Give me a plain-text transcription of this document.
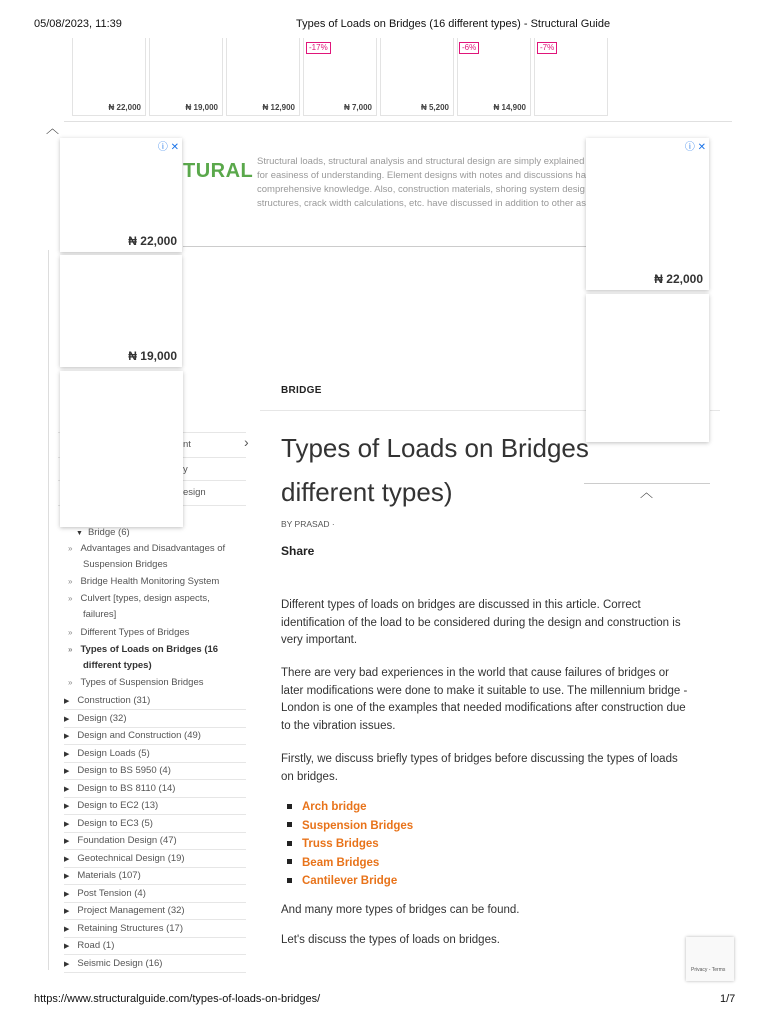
05/08/2023, 11:39	Types of Loads on Bridges (16 different types) - Structural Guide
₦ 22,000	₦ 19,000	₦ 12,900	₦ 7,000	₦ 5,200	₦ 14,900
-17%	-6%	-7%
︿
TURAL Structural loads, structural analysis and structural design are simply explained
for easiness of understanding. Element designs with notes and discussions ha
comprehensive knowledge. Also, construction materials, shoring system desig
structures, crack width calculations, etc. have discussed in addition to other as
ⓘ ✕
₦ 22,000
₦ 19,000
nt	›
y
esign
ⓘ ✕
₦ 22,000
︿
▼ Bridge (6)
» Advantages and Disadvantages of
Suspension Bridges
» Bridge Health Monitoring System
» Culvert [types, design aspects,
failures]
» Different Types of Bridges
» Types of Loads on Bridges (16
different types)
» Types of Suspension Bridges
▶ Construction (31)
▶ Design (32)
▶ Design and Construction (49)
▶ Design Loads (5)
▶ Design to BS 5950 (4)
▶ Design to BS 8110 (14)
▶ Design to EC2 (13)
▶ Design to EC3 (5)
▶ Foundation Design (47)
▶ Geotechnical Design (19)
▶ Materials (107)
▶ Post Tension (4)
▶ Project Management (32)
▶ Retaining Structures (17)
▶ Road (1)
▶ Seismic Design (16)
BRIDGE
Types of Loads on Bridges
different types)
BY PRASAD ·
Share
Different types of loads on bridges are discussed in this article. Correct identification of the load to be considered during the design and construction is very important.
There are very bad experiences in the world that cause failures of bridges or later modifications were done to make it suitable to use. The millennium bridge -London is one of the examples that needed modifications after construction due to the vibration issues.
Firstly, we discuss briefly types of bridges before discussing the types of loads on bridges.
Arch bridge
Suspension Bridges
Truss Bridges
Beam Bridges
Cantilever Bridge
And many more types of bridges can be found.
Let's discuss the types of loads on bridges.
Privacy - Terms
https://www.structuralguide.com/types-of-loads-on-bridges/	1/7
